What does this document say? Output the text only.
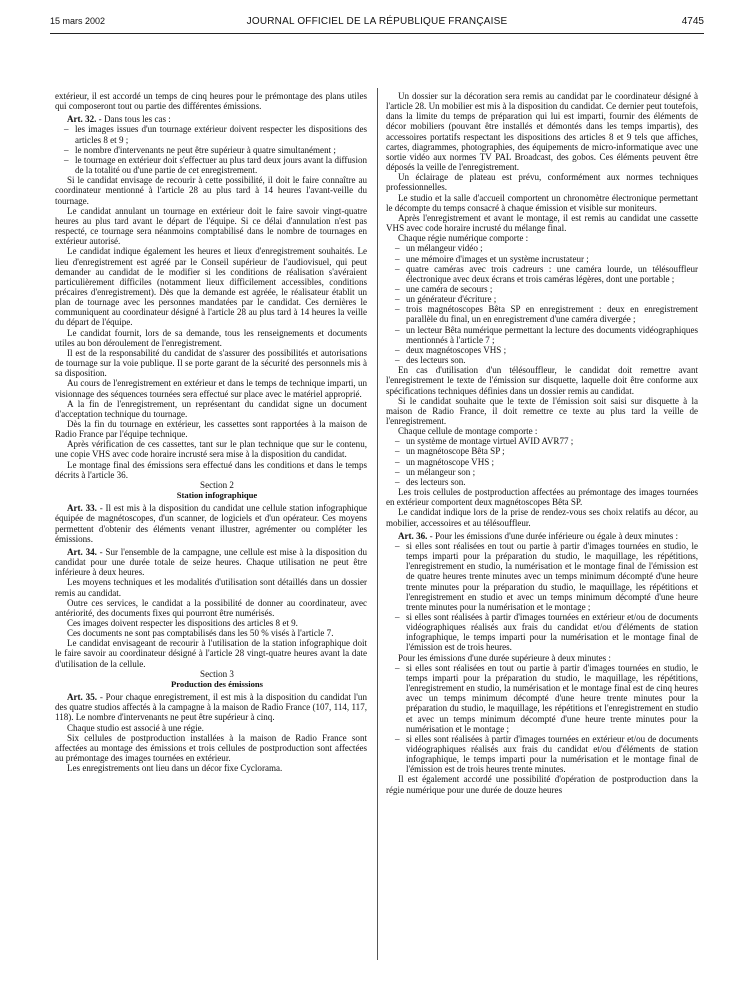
15 mars 2002	JOURNAL OFFICIEL DE LA RÉPUBLIQUE FRANÇAISE	4745

extérieur, il est accordé un temps de cinq heures pour le prémontage des plans utiles qui composeront tout ou partie des différentes émissions.

Art. 32. - Dans tous les cas :

– les images issues d'un tournage extérieur doivent respecter les dispositions des articles 8 et 9 ;
– le nombre d'intervenants ne peut être supérieur à quatre simultanément ;
– le tournage en extérieur doit s'effectuer au plus tard deux jours avant la diffusion de la totalité ou d'une partie de cet enregistrement.

Si le candidat envisage de recourir à cette possibilité, il doit le faire connaître au coordinateur mentionné à l'article 28 au plus tard à 14 heures l'avant-veille du tournage.

Le candidat annulant un tournage en extérieur doit le faire savoir vingt-quatre heures au plus tard avant le départ de l'équipe. Si ce délai d'annulation n'est pas respecté, ce tournage sera néanmoins comptabilisé dans le nombre de tournages en extérieur autorisé.

Le candidat indique également les heures et lieux d'enregistrement souhaités. Le lieu d'enregistrement est agréé par le Conseil supérieur de l'audiovisuel, qui peut demander au candidat de le modifier si les conditions de réalisation s'avéraient particulièrement difficiles (notamment lieux difficilement accessibles, conditions précaires d'enregistrement). Dès que la demande est agréée, le réalisateur établit un plan de tournage avec les personnes mandatées par le candidat. Ces dernières le communiquent au coordinateur désigné à l'article 28 au plus tard à 14 heures la veille du départ de l'équipe.

Le candidat fournit, lors de sa demande, tous les renseignements et documents utiles au bon déroulement de l'enregistrement.

Il est de la responsabilité du candidat de s'assurer des possibilités et autorisations de tournage sur la voie publique. Il se porte garant de la sécurité des personnels mis à sa disposition.

Au cours de l'enregistrement en extérieur et dans le temps de technique imparti, un visionnage des séquences tournées sera effectué sur place avec le matériel approprié.

A la fin de l'enregistrement, un représentant du candidat signe un document d'acceptation technique du tournage.

Dès la fin du tournage en extérieur, les cassettes sont rapportées à la maison de Radio France par l'équipe technique.

Après vérification de ces cassettes, tant sur le plan technique que sur le contenu, une copie VHS avec code horaire incrusté sera mise à la disposition du candidat.

Le montage final des émissions sera effectué dans les conditions et dans le temps décrits à l'article 36.

Section 2

Station infographique

Art. 33. - Il est mis à la disposition du candidat une cellule station infographique équipée de magnétoscopes, d'un scanner, de logiciels et d'un opérateur. Ces moyens permettent d'obtenir des éléments venant illustrer, agrémenter ou compléter les émissions.

Art. 34. - Sur l'ensemble de la campagne, une cellule est mise à la disposition du candidat pour une durée totale de seize heures. Chaque utilisation ne peut être inférieure à deux heures.

Les moyens techniques et les modalités d'utilisation sont détaillés dans un dossier remis au candidat.

Outre ces services, le candidat a la possibilité de donner au coordinateur, avec antériorité, des documents fixes qui pourront être numérisés.

Ces images doivent respecter les dispositions des articles 8 et 9.

Ces documents ne sont pas comptabilisés dans les 50 % visés à l'article 7.

Le candidat envisageant de recourir à l'utilisation de la station infographique doit le faire savoir au coordinateur désigné à l'article 28 vingt-quatre heures avant la date d'utilisation de la cellule.

Section 3

Production des émissions

Art. 35. - Pour chaque enregistrement, il est mis à la disposition du candidat l'un des quatre studios affectés à la campagne à la maison de Radio France (107, 114, 117, 118). Le nombre d'intervenants ne peut être supérieur à cinq.

Chaque studio est associé à une régie.

Six cellules de postproduction installées à la maison de Radio France sont affectées au montage des émissions et trois cellules de postproduction sont affectées au prémontage des images tournées en extérieur.

Les enregistrements ont lieu dans un décor fixe Cyclorama.

Un dossier sur la décoration sera remis au candidat par le coordinateur désigné à l'article 28. Un mobilier est mis à la disposition du candidat. Ce dernier peut toutefois, dans la limite du temps de préparation qui lui est imparti, fournir des éléments de décor mobiliers (pouvant être installés et démontés dans les temps impartis), des accessoires portatifs respectant les dispositions des articles 8 et 9 tels que affiches, cartes, diagrammes, photographies, des équipements de micro-informatique avec une sortie vidéo aux normes TV PAL Broadcast, des gobos. Ces éléments peuvent être déposés la veille de l'enregistrement.

Un éclairage de plateau est prévu, conformément aux normes techniques professionnelles.

Le studio et la salle d'accueil comportent un chronomètre électronique permettant le décompte du temps consacré à chaque émission et visible sur moniteurs.

Après l'enregistrement et avant le montage, il est remis au candidat une cassette VHS avec code horaire incrusté du mélange final.

Chaque régie numérique comporte :

– un mélangeur vidéo ;
– une mémoire d'images et un système incrustateur ;
– quatre caméras avec trois cadreurs : une caméra lourde, un télésouffleur électronique avec deux écrans et trois caméras légères, dont une portable ;
– une caméra de secours ;
– un générateur d'écriture ;
– trois magnétoscopes Bêta SP en enregistrement : deux en enregistrement parallèle du final, un en enregistrement d'une caméra divergée ;
– un lecteur Bêta numérique permettant la lecture des documents vidéographiques mentionnés à l'article 7 ;
– deux magnétoscopes VHS ;
– des lecteurs son.

En cas d'utilisation d'un télésouffleur, le candidat doit remettre avant l'enregistrement le texte de l'émission sur disquette, laquelle doit être conforme aux spécifications techniques définies dans un dossier remis au candidat.

Si le candidat souhaite que le texte de l'émission soit saisi sur disquette à la maison de Radio France, il doit remettre ce texte au plus tard la veille de l'enregistrement.

Chaque cellule de montage comporte :

– un système de montage virtuel AVID AVR77 ;
– un magnétoscope Bêta SP ;
– un magnétoscope VHS ;
– un mélangeur son ;
– des lecteurs son.

Les trois cellules de postproduction affectées au prémontage des images tournées en extérieur comportent deux magnétoscopes Bêta SP.

Le candidat indique lors de la prise de rendez-vous ses choix relatifs au décor, au mobilier, accessoires et au télésouffleur.

Art. 36. - Pour les émissions d'une durée inférieure ou égale à deux minutes :

– si elles sont réalisées en tout ou partie à partir d'images tournées en studio, le temps imparti pour la préparation du studio, le maquillage, les répétitions, l'enregistrement en studio, la numérisation et le montage final de l'émission est de quatre heures trente minutes avec un temps minimum décompté d'une heure trente minutes pour la préparation du studio, le maquillage, les répétitions et l'enregistrement en studio et avec un temps minimum décompté d'une heure trente minutes pour la numérisation et le montage ;
– si elles sont réalisées à partir d'images tournées en extérieur et/ou de documents vidéographiques réalisés aux frais du candidat et/ou d'éléments de station infographique, le temps imparti pour la numérisation et le montage final de l'émission est de trois heures.

Pour les émissions d'une durée supérieure à deux minutes :

– si elles sont réalisées en tout ou partie à partir d'images tournées en studio, le temps imparti pour la préparation du studio, le maquillage, les répétitions, l'enregistrement en studio, la numérisation et le montage final est de cinq heures avec un temps minimum décompté d'une heure trente minutes pour la préparation du studio, le maquillage, les répétitions et l'enregistrement en studio et avec un temps minimum décompté d'une heure trente minutes pour la numérisation et le montage ;
– si elles sont réalisées à partir d'images tournées en extérieur et/ou de documents vidéographiques réalisés aux frais du candidat et/ou d'éléments de station infographique, le temps imparti pour la numérisation et le montage final de l'émission est de trois heures trente minutes.

Il est également accordé une possibilité d'opération de postproduction dans la régie numérique pour une durée de douze heures
